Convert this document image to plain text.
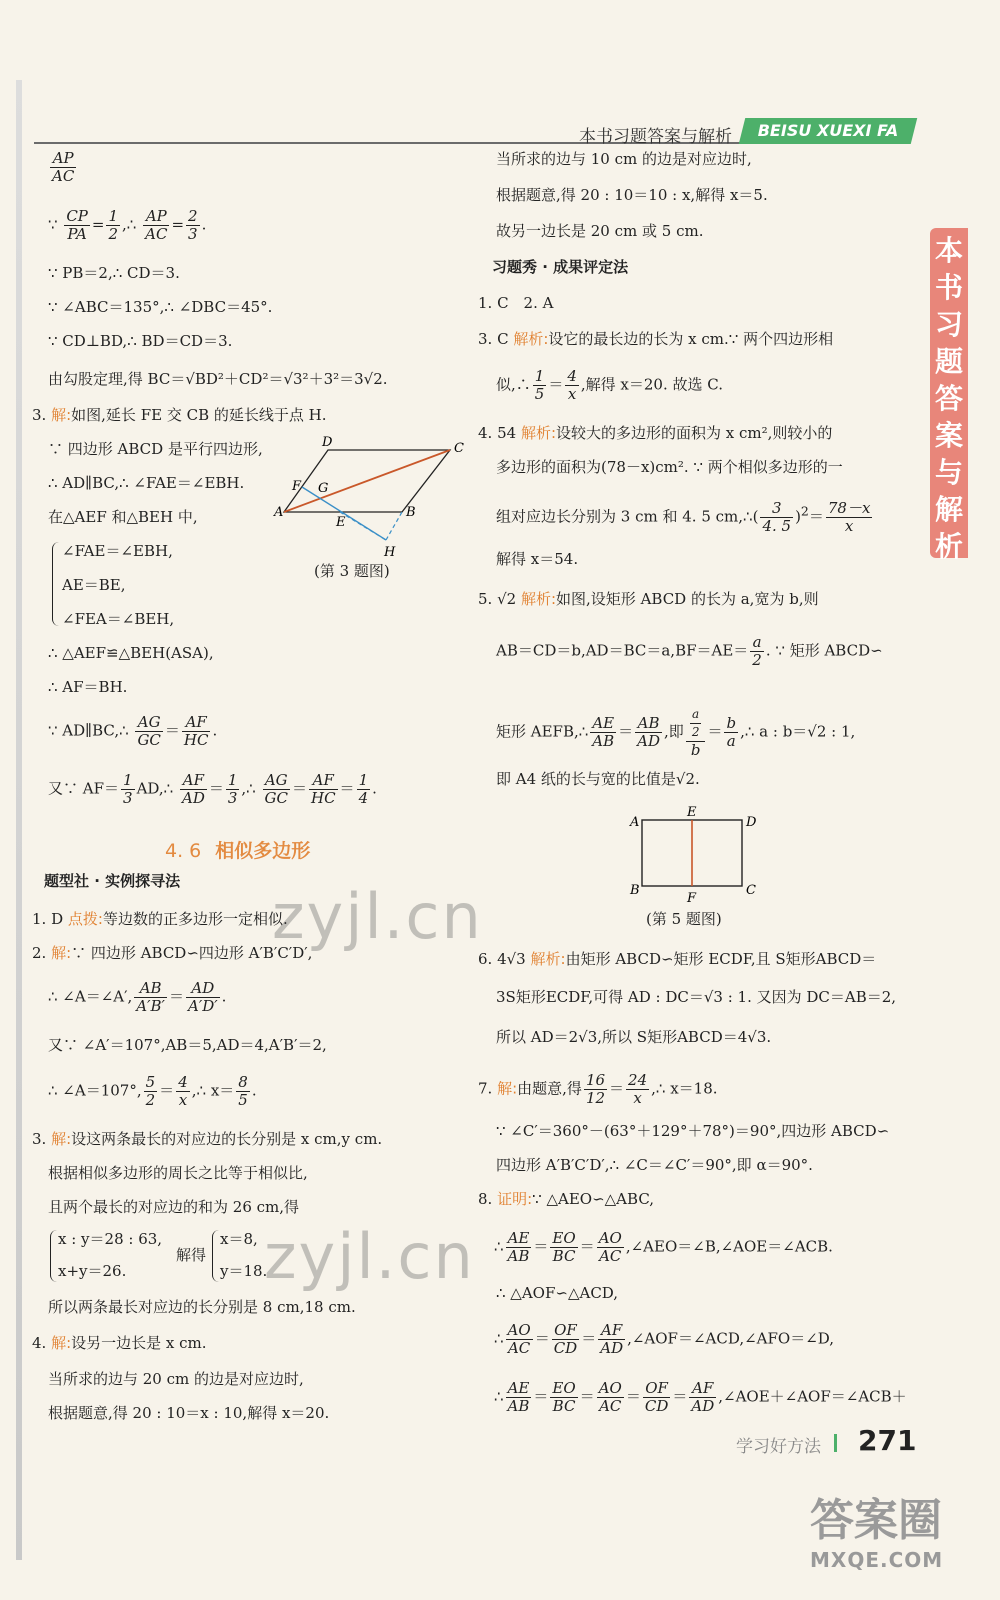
本书习题答案与解析	BEISU XUEXI FA
本
书
习
题
答
案
与
解
析
$\frac{AP}{AC}$
∵ $\frac{CP}{PA} = \frac{1}{2}$ ,∴ $\frac{AP}{AC} = \frac{2}{3}$ .
∵ PB＝2,∴ CD＝3.
∵ ∠ABC＝135°,∴ ∠DBC＝45°.
∵ CD⊥BD,∴ BD＝CD＝3.
由勾股定理,得 BC＝√BD²＋CD²＝√3²＋3²＝3√2.
3. 解:如图,延长 FE 交 CB 的延长线于点 H.
∵ 四边形 ABCD 是平行四边形,
∴ AD∥BC,∴ ∠FAE＝∠EBH.
在△AEF 和△BEH 中,
∠FAE＝∠EBH,
AE＝BE,
∠FEA＝∠BEH,
∴ △AEF≌△BEH(ASA),
∴ AF＝BH.
∵ AD∥BC,∴ $\frac{AG}{GC} = \frac{AF}{HC}$ .
又∵ $AF= \frac{1}{3}$ AD,∴ $\frac{AF}{AD} = \frac{1}{3}$ ,∴ $\frac{AG}{GC} = \frac{AF}{HC} = \frac{1}{4}$ .
D	C
F G
A
E
B
H
(第 3 题图)
题型社 · 实例探寻法
1. D 点拨:等边数的正多边形一定相似.
2. 解:∵ 四边形 ABCD∽四边形 A′B′C′D′,
∴ ∠A＝∠A′, $\frac{AB}{A'B'} = \frac{AD}{A'D'}$ .
又∵ ∠A′＝107°,AB＝5,AD＝4,A′B′＝2,
∴ ∠A＝107°, $\frac{5}{2} = \frac{4}{x}$ ,∴ $x= \frac{8}{5}$ .
3. 解:设这两条最长的对应边的长分别是 x cm,y cm.
根据相似多边形的周长之比等于相似比,
且两个最长的对应边的和为 26 cm,得
x : y＝28 : 63,
x+y＝26.
解得
x＝8,
y＝18.
所以两条最长对应边的长分别是 8 cm,18 cm.
4. 解:设另一边长是 x cm.
当所求的边与 20 cm 的边是对应边时,
根据题意,得 20 : 10＝x : 10,解得 x＝20.
4. 6 相似多边形
当所求的边与 10 cm 的边是对应边时,
根据题意,得 20 : 10＝10 : x,解得 x＝5.
故另一边长是 20 cm 或 5 cm.
习题秀 · 成果评定法
1. C　2. A
3. C 解析:设它的最长边的长为 x cm.∵ 两个四边形相
似,∴ $\frac{1}{5} = \frac{4}{x}$ ,解得 x＝20. 故选 C.
4. 54 解析:设较大的多边形的面积为 x cm²,则较小的
多边形的面积为(78－x)cm². ∵ 两个相似多边形的一
组对应边长分别为 3 cm 和 4. 5 cm,∴( $\frac{3}{4. 5} )^2= \frac{78-x}{x}$
解得 x＝54.
5. √2 解析:如图,设矩形 ABCD 的长为 a,宽为 b,则
$AB=CD=b,AD=BC=a,BF=AE= \frac{a}{2}$ . ∵ 矩形 ABCD∽
矩形 AEFB,∴ $\frac{AE}{AB} = \frac{AB}{AD}$ ,即 $\frac{\frac{a}{2}}{b} = \frac{b}{a}$ ,∴ a : b＝√2 : 1,
即 A4 纸的长与宽的比值是√2.
A
E
D
B
F
C
(第 5 题图)
6. 4√3 解析:由矩形 ABCD∽矩形 ECDF,且 S矩形ABCD＝
3S矩形ECDF,可得 AD : DC＝√3 : 1. 又因为 DC＝AB＝2,
所以 AD＝2√3,所以 S矩形ABCD＝4√3.
7. 解:由题意,得 $\frac{16}{12} = \frac{24}{x}$ ,∴ x＝18.
∵ ∠C′＝360°－(63°＋129°＋78°)＝90°,四边形 ABCD∽
四边形 A′B′C′D′,∴ ∠C＝∠C′＝90°,即 α＝90°.
8. 证明:∵ △AEO∽△ABC,
∴ $\frac{AE}{AB} = \frac{EO}{BC} = \frac{AO}{AC}$ ,∠AEO＝∠B,∠AOE＝∠ACB.
∴ △AOF∽△ACD,
∴ $\frac{AO}{AC} = \frac{OF}{CD} = \frac{AF}{AD}$ ,∠AOF＝∠ACD,∠AFO＝∠D,
∴ $\frac{AE}{AB} = \frac{EO}{BC} = \frac{AO}{AC} = \frac{OF}{CD} = \frac{AF}{AD}$ ,∠AOE＋∠AOF＝∠ACB＋
zyjl.cn
zyjl.cn
学习好方法 271
答案圈
MXQE.COM
